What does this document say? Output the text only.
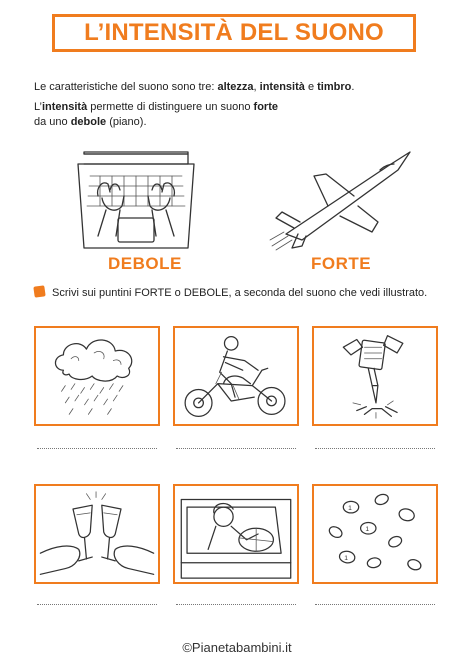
L’INTENSITÀ DEL SUONO

Le caratteristiche del suono sono tre: altezza, intensità e timbro.

L’intensità permette di distinguere un suono forte
da uno debole (piano).

DEBOLE	FORTE

Scrivi sui puntini FORTE o DEBOLE, a seconda del suono che vedi illustrato.

1
1
1
©Pianetabambini.it
